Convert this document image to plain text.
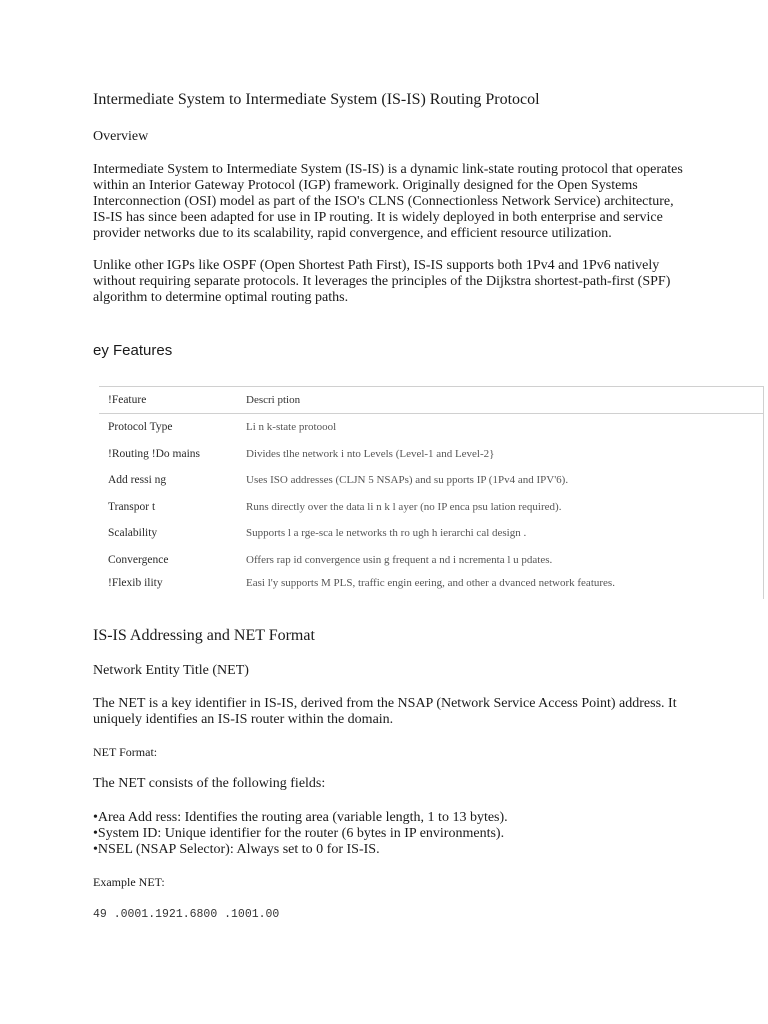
Intermediate System to Intermediate System (IS-IS) Routing Protocol
Overview

Intermediate System to Intermediate System (IS-IS) is a dynamic link-state routing protocol that operates within an Interior Gateway Protocol (IGP) framework. Originally designed for the Open Systems Interconnection (OSI) model as part of the ISO's CLNS (Connectionless Network Service) architecture, IS-IS has since been adapted for use in IP routing. It is widely deployed in both enterprise and service provider networks due to its scalability, rapid convergence, and efficient resource utilization.

Unlike other IGPs like OSPF (Open Shortest Path First), IS-IS supports both 1Pv4 and 1Pv6 natively without requiring separate protocols. It leverages the principles of the Dijkstra shortest-path-first (SPF) algorithm to determine optimal routing paths.

ey Features
!Feature	Descri ption
Protocol Type	Li n k-state protoool
!Routing !Do mains	Divides tlhe network i nto Levels (Level-1 and Level-2}
Add ressi ng	Uses ISO addresses (CLJN 5 NSAPs) and su pports IP (1Pv4 and IPV'6).
Transpor t	Runs directly over the data li n k l ayer (no IP enca psu lation required).
Scalability	Supports l a rge-sca le networks th ro ugh h ierarchi cal design .
Convergence	Offers rap id convergence usin g frequent a nd i ncrementa l u pdates.
!Flexib ility	Easi l'y supports M PLS, traffic engin eering, and other a dvanced network features.
IS-IS Addressing and NET Format
Network Entity Title (NET)

The NET is a key identifier in IS-IS, derived from the NSAP (Network Service Access Point) address. It uniquely identifies an IS-IS router within the domain.

NET Format:

The NET consists of the following fields:

•Area Add ress: Identifies the routing area (variable length, 1 to 13 bytes).
•System ID: Unique identifier for the router (6 bytes in IP environments).
•NSEL (NSAP Selector): Always set to 0 for IS-IS.
Example NET:
49 .0001.1921.6800 .1001.00
